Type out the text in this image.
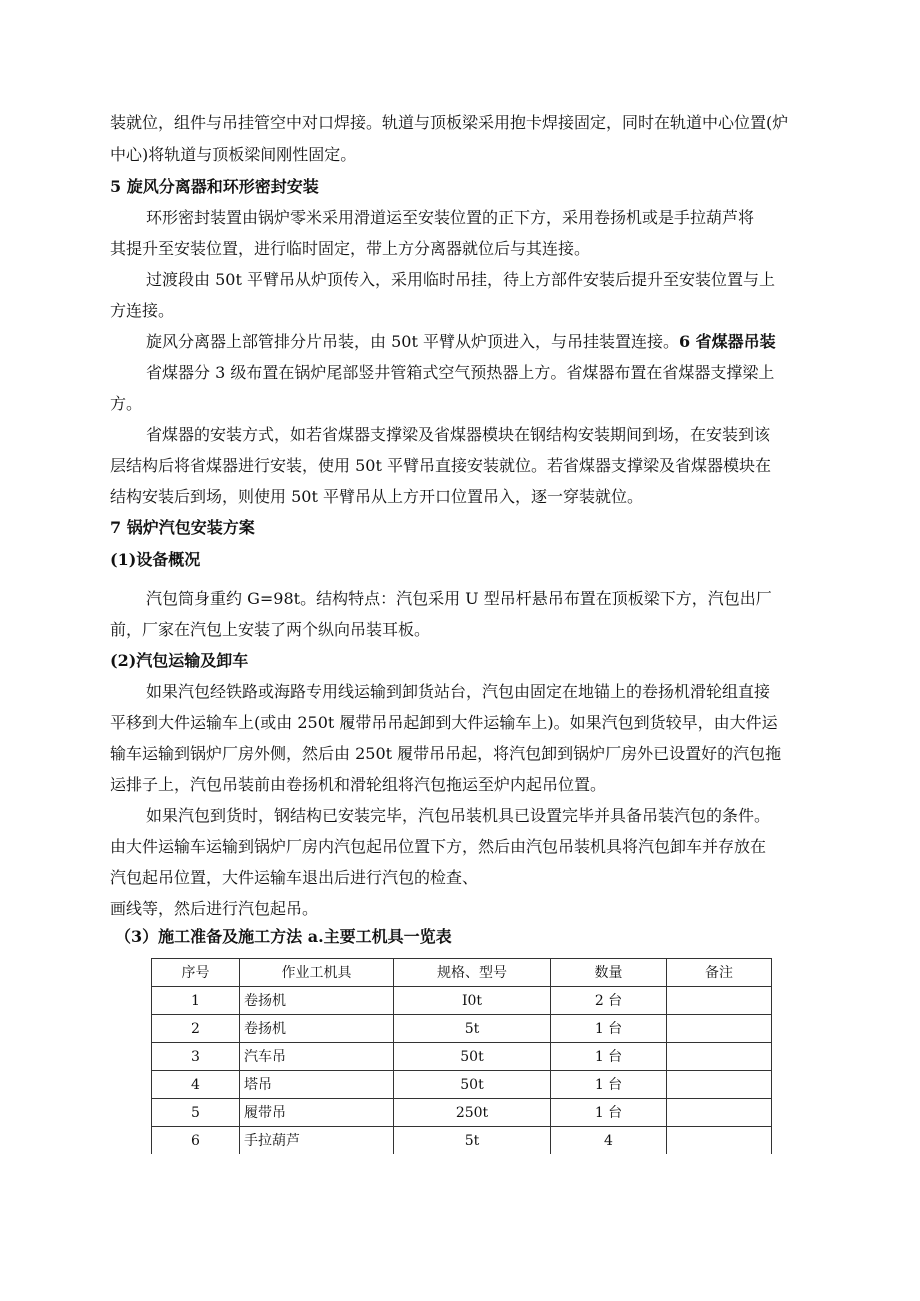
装就位，组件与吊挂管空中对口焊接。轨道与顶板梁采用抱卡焊接固定，同时在轨道中心位置(炉
中心)将轨道与顶板梁间刚性固定。
5 旋风分离器和环形密封安装
环形密封装置由锅炉零米采用滑道运至安装位置的正下方，采用卷扬机或是手拉葫芦将
其提升至安装位置，进行临时固定，带上方分离器就位后与其连接。
过渡段由 50t 平臂吊从炉顶传入，采用临时吊挂，待上方部件安装后提升至安装位置与上
方连接。
旋风分离器上部管排分片吊装，由 50t 平臂从炉顶进入，与吊挂装置连接。6 省煤器吊装
省煤器分 3 级布置在锅炉尾部竖井管箱式空气预热器上方。省煤器布置在省煤器支撑梁上
方。
省煤器的安装方式，如若省煤器支撑梁及省煤器模块在钢结构安装期间到场，在安装到该
层结构后将省煤器进行安装，使用 50t 平臂吊直接安装就位。若省煤器支撑梁及省煤器模块在
结构安装后到场，则使用 50t 平臂吊从上方开口位置吊入，逐一穿装就位。
7 锅炉汽包安装方案
(1)设备概况
汽包筒身重约 G=98t。结构特点：汽包采用 U 型吊杆悬吊布置在顶板梁下方，汽包出厂
前，厂家在汽包上安装了两个纵向吊装耳板。
(2)汽包运输及卸车
如果汽包经铁路或海路专用线运输到卸货站台，汽包由固定在地锚上的卷扬机滑轮组直接
平移到大件运输车上(或由 250t 履带吊吊起卸到大件运输车上)。如果汽包到货较早，由大件运
输车运输到锅炉厂房外侧，然后由 250t 履带吊吊起，将汽包卸到锅炉厂房外已设置好的汽包拖
运排子上，汽包吊装前由卷扬机和滑轮组将汽包拖运至炉内起吊位置。
如果汽包到货时，钢结构已安装完毕，汽包吊装机具已设置完毕并具备吊装汽包的条件。
由大件运输车运输到锅炉厂房内汽包起吊位置下方，然后由汽包吊装机具将汽包卸车并存放在
汽包起吊位置，大件运输车退出后进行汽包的检查、
画线等，然后进行汽包起吊。
（3）施工准备及施工方法 a.主要工机具一览表
序号	作业工机具	规格、型号	数量	备注
1	卷扬机	I0t	2 台	
2	卷扬机	5t	1 台	
3	汽车吊	50t	1 台	
4	塔吊	50t	1 台	
5	履带吊	250t	1 台	
6	手拉葫芦	5t	4	
